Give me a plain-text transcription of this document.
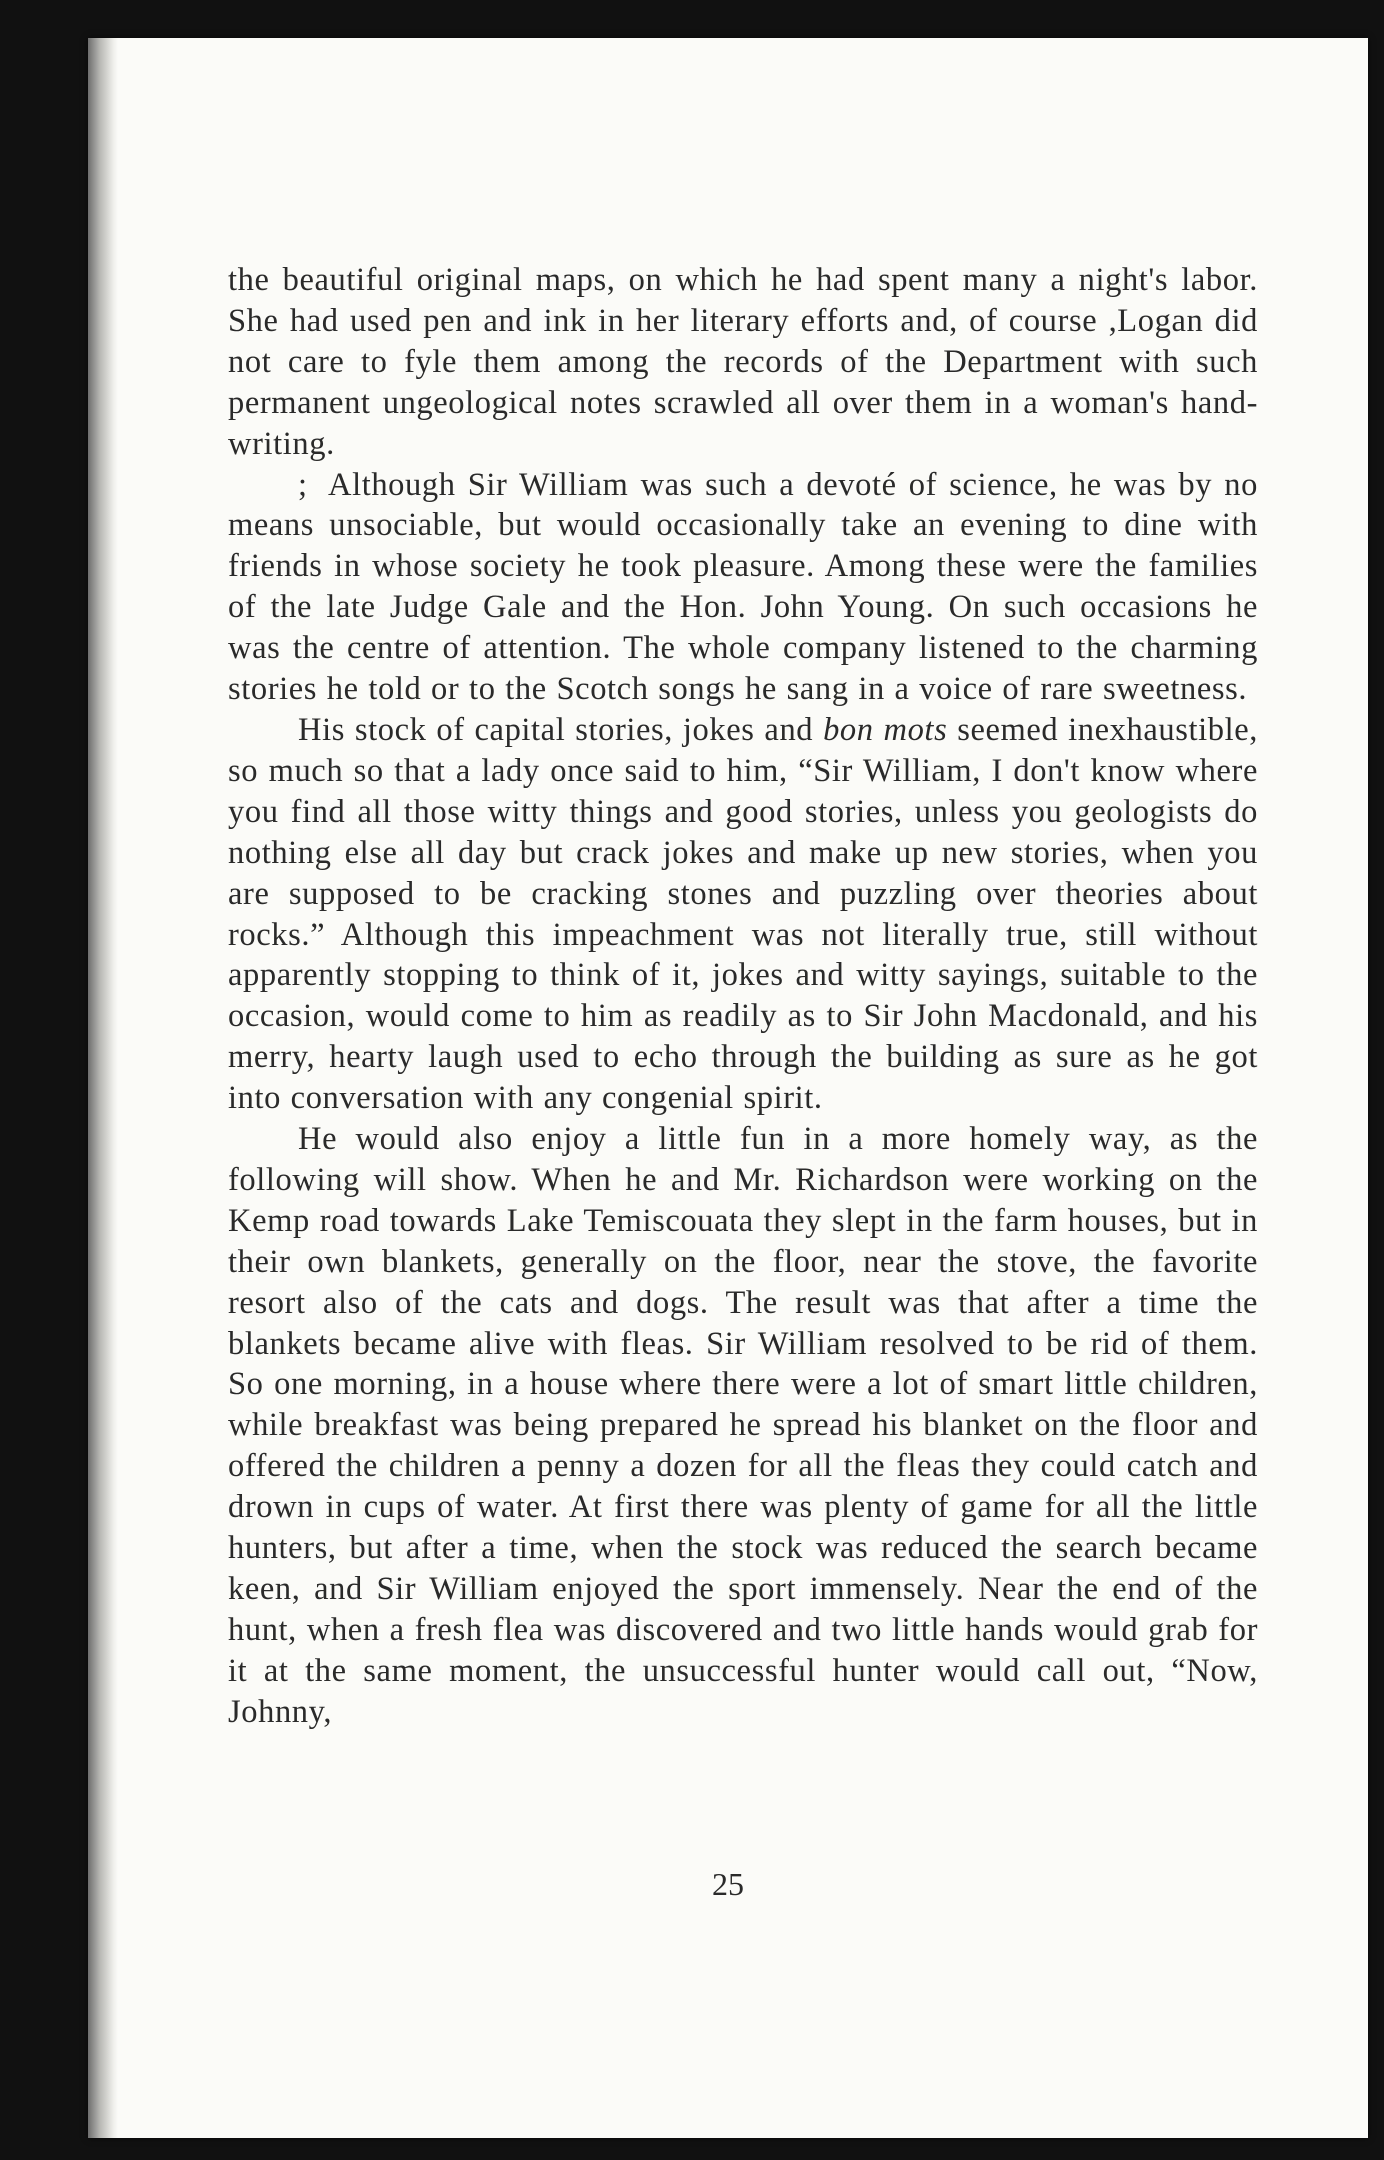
the beautiful original maps, on which he had spent many a night's labor. She had used pen and ink in her literary efforts and, of course ,Logan did not care to fyle them among the records of the Department with such permanent ungeological notes scrawled all over them in a woman's hand-writing.

; Although Sir William was such a devoté of science, he was by no means unsociable, but would occasionally take an evening to dine with friends in whose society he took pleasure. Among these were the families of the late Judge Gale and the Hon. John Young. On such occasions he was the centre of attention. The whole company listened to the charming stories he told or to the Scotch songs he sang in a voice of rare sweetness.

His stock of capital stories, jokes and bon mots seemed inexhaustible, so much so that a lady once said to him, “Sir William, I don't know where you find all those witty things and good stories, unless you geologists do nothing else all day but crack jokes and make up new stories, when you are supposed to be cracking stones and puzzling over theories about rocks.” Although this impeachment was not literally true, still without apparently stopping to think of it, jokes and witty sayings, suitable to the occasion, would come to him as readily as to Sir John Macdonald, and his merry, hearty laugh used to echo through the building as sure as he got into conversation with any congenial spirit.

He would also enjoy a little fun in a more homely way, as the following will show. When he and Mr. Richardson were working on the Kemp road towards Lake Temiscouata they slept in the farm houses, but in their own blankets, generally on the floor, near the stove, the favorite resort also of the cats and dogs. The result was that after a time the blankets became alive with fleas. Sir William resolved to be rid of them. So one morning, in a house where there were a lot of smart little children, while breakfast was being prepared he spread his blanket on the floor and offered the children a penny a dozen for all the fleas they could catch and drown in cups of water. At first there was plenty of game for all the little hunters, but after a time, when the stock was reduced the search became keen, and Sir William enjoyed the sport immensely. Near the end of the hunt, when a fresh flea was discovered and two little hands would grab for it at the same moment, the unsuccessful hunter would call out, “Now, Johnny,

25
